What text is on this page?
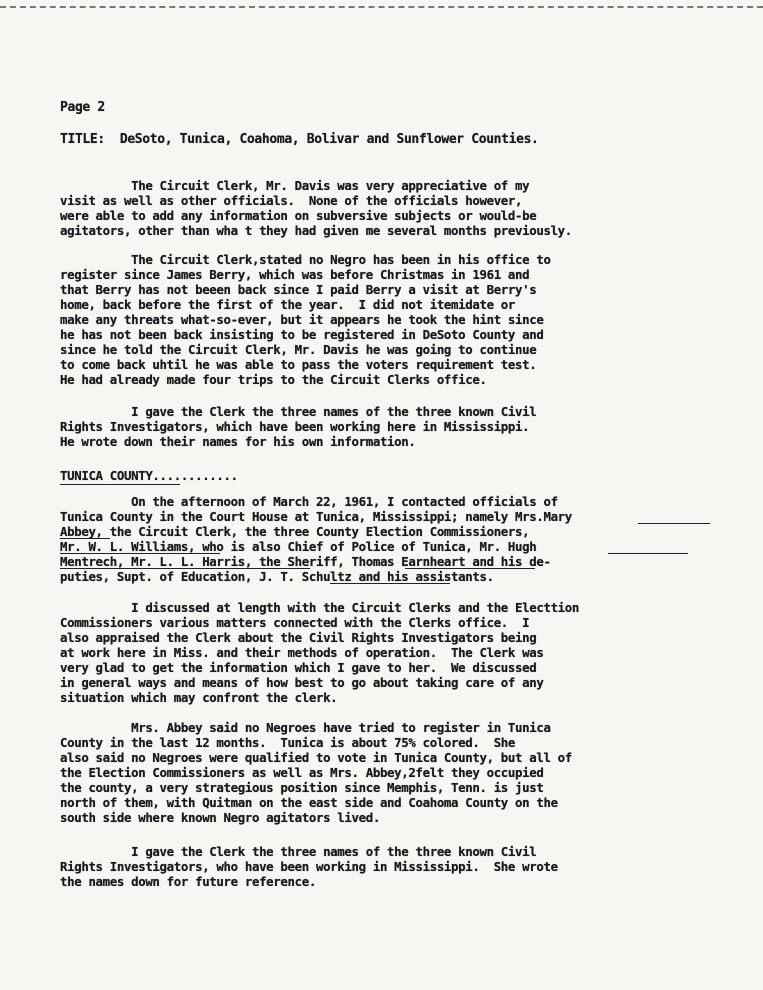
Page 2
TITLE: DeSoto, Tunica, Coahoma, Bolivar and Sunflower Counties.
The Circuit Clerk, Mr. Davis was very appreciative of my
visit as well as other officials.  None of the officials however,
were able to add any information on subversive subjects or would-be
agitators, other than wha t they had given me several months previously.
The Circuit Clerk,stated no Negro has been in his office to
register since James Berry, which was before Christmas in 1961 and
that Berry has not beeen back since I paid Berry a visit at Berry's
home, back before the first of the year.  I did not itemidate or
make any threats what-so-ever, but it appears he took the hint since
he has not been back insisting to be registered in DeSoto County and
since he told the Circuit Clerk, Mr. Davis he was going to continue
to come back uhtil he was able to pass the voters requirement test.
He had already made four trips to the Circuit Clerks office.
I gave the Clerk the three names of the three known Civil
Rights Investigators, which have been working here in Mississippi.
He wrote down their names for his own information.
TUNICA COUNTY............
On the afternoon of March 22, 1961, I contacted officials of
Tunica County in the Court House at Tunica, Mississippi; namely Mrs.Mary
Abbey, the Circuit Clerk, the three County Election Commissioners,
Mr. W. L. Williams, who is also Chief of Police of Tunica, Mr. Hugh
Mentrech, Mr. L. L. Harris, the Sheriff, Thomas Earnheart and his de-
puties, Supt. of Education, J. T. Schultz and his assistants.
I discussed at length with the Circuit Clerks and the Electtion
Commissioners various matters connected with the Clerks office.  I
also appraised the Clerk about the Civil Rights Investigators being
at work here in Miss. and their methods of operation.  The Clerk was
very glad to get the information which I gave to her.  We discussed
in general ways and means of how best to go about taking care of any
situation which may confront the clerk.
Mrs. Abbey said no Negroes have tried to register in Tunica
County in the last 12 months.  Tunica is about 75% colored.  She
also said no Negroes were qualified to vote in Tunica County, but all of
the Election Commissioners as well as Mrs. Abbey,2felt they occupied
the county, a very strategious position since Memphis, Tenn. is just
north of them, with Quitman on the east side and Coahoma County on the
south side where known Negro agitators lived.
I gave the Clerk the three names of the three known Civil
Rights Investigators, who have been working in Mississippi.  She wrote
the names down for future reference.
